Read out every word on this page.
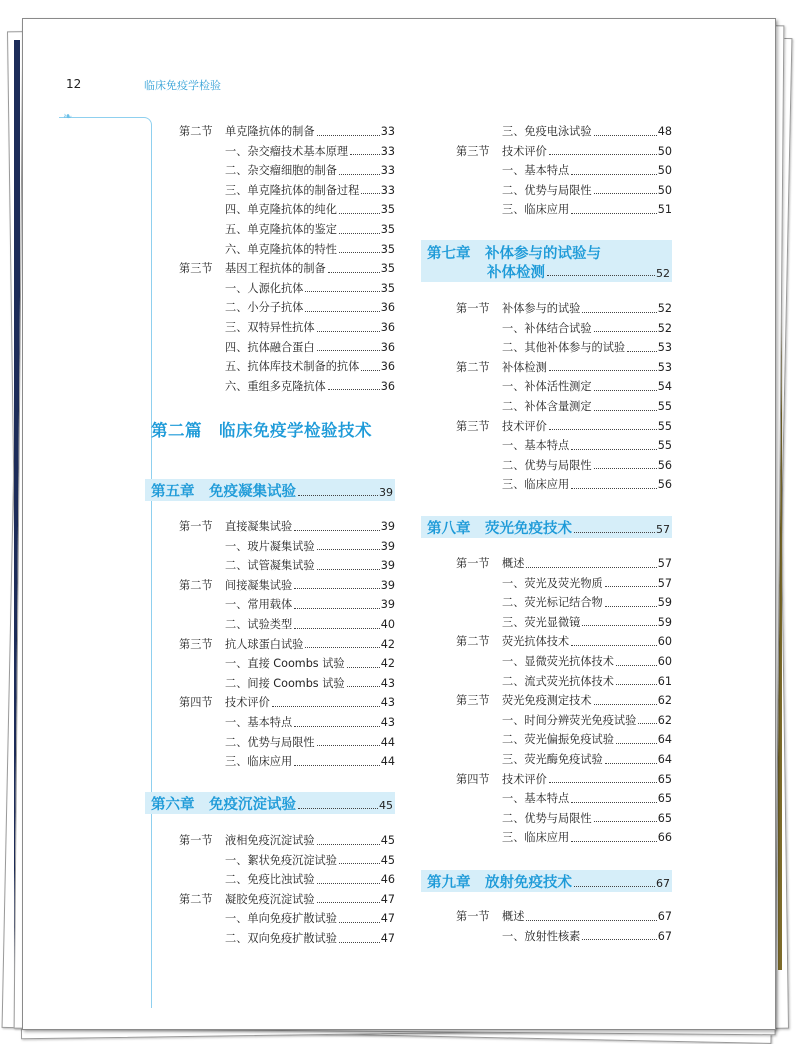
12	临床免疫学检验
❧
第二节	单克隆抗体的制备	33
一、杂交瘤技术基本原理	33
二、杂交瘤细胞的制备	33
三、单克隆抗体的制备过程 33
四、单克隆抗体的纯化	35
五、单克隆抗体的鉴定	35
六、单克隆抗体的特性	35
第三节	基因工程抗体的制备	35
一、人源化抗体	35
二、小分子抗体	36
三、双特异性抗体	36
四、抗体融合蛋白	36
五、抗体库技术制备的抗体 36
六、重组多克隆抗体	36
第二篇　临床免疫学检验技术
第五章　免疫凝集试验	39
第一节	直接凝集试验	39
一、玻片凝集试验	39
二、试管凝集试验	39
第二节	间接凝集试验	39
一、常用载体	39
二、试验类型	40
第三节	抗人球蛋白试验	42
一、直接 Coombs 试验	42
二、间接 Coombs 试验	43
第四节	技术评价	43
一、基本特点	43
二、优势与局限性	44
三、临床应用	44
第六章　免疫沉淀试验	45
第一节	液相免疫沉淀试验	45
一、絮状免疫沉淀试验	45
二、免疫比浊试验	46
第二节	凝胶免疫沉淀试验	47
一、单向免疫扩散试验	47
二、双向免疫扩散试验	47
三、免疫电泳试验	48
第三节	技术评价	50
一、基本特点	50
二、优势与局限性	50
三、临床应用	51
第七章　补体参与的试验与
补体检测	52
第一节	补体参与的试验	52
一、补体结合试验	52
二、其他补体参与的试验	53
第二节	补体检测	53
一、补体活性测定	54
二、补体含量测定	55
第三节	技术评价	55
一、基本特点	55
二、优势与局限性	56
三、临床应用	56
第八章　荧光免疫技术	57
第一节	概述	57
一、荧光及荧光物质	57
二、荧光标记结合物	59
三、荧光显微镜	59
第二节	荧光抗体技术	60
一、显微荧光抗体技术	60
二、流式荧光抗体技术	61
第三节	荧光免疫测定技术	62
一、时间分辨荧光免疫试验 62
二、荧光偏振免疫试验	64
三、荧光酶免疫试验	64
第四节	技术评价	65
一、基本特点	65
二、优势与局限性	65
三、临床应用	66
第九章　放射免疫技术	67
第一节	概述	67
一、放射性核素	67
